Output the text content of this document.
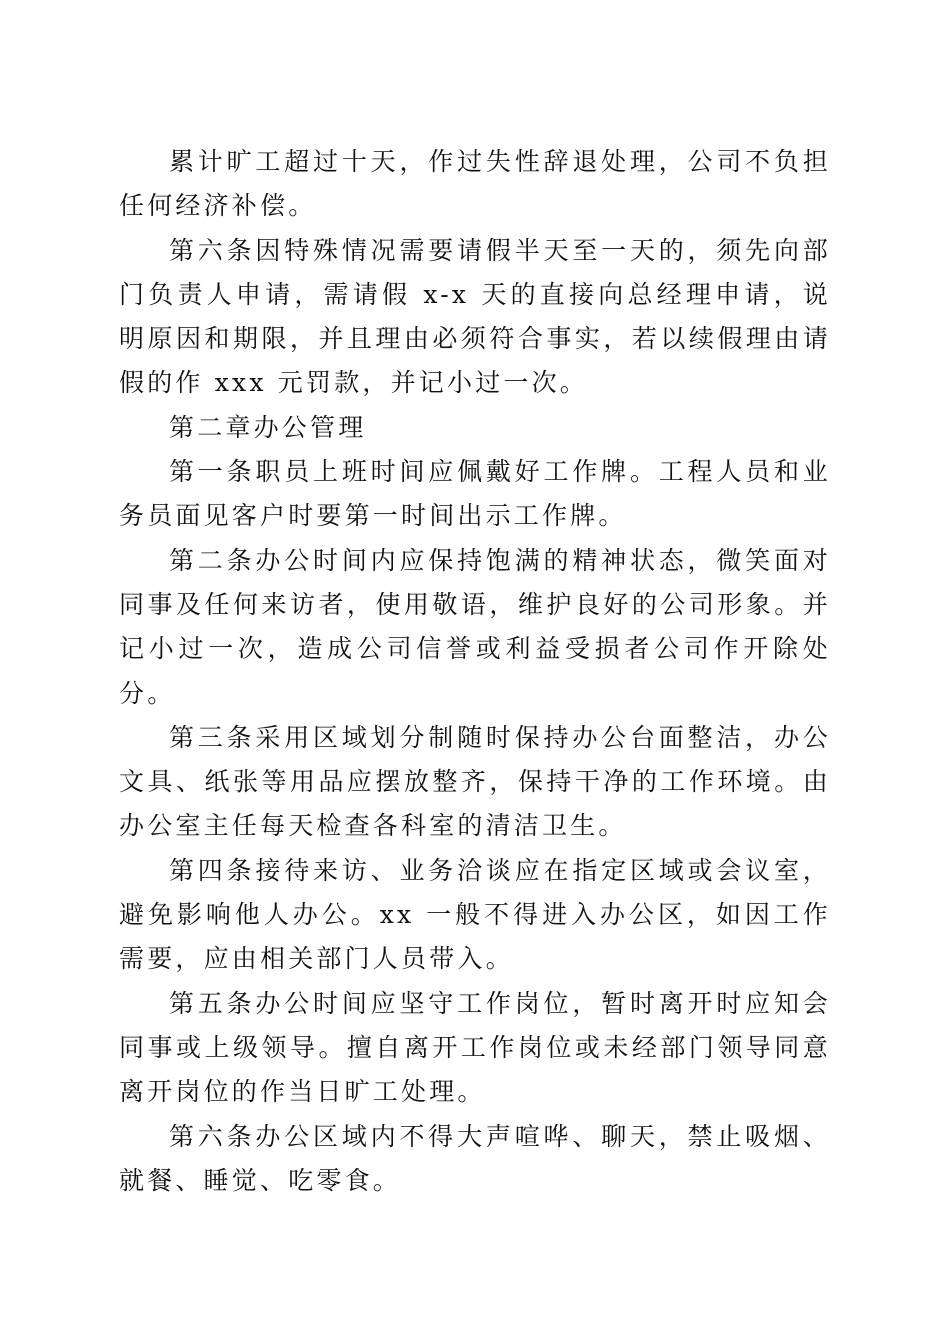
累计旷工超过十天，作过失性辞退处理，公司不负担任何经济补偿。

第六条因特殊情况需要请假半天至一天的，须先向部门负责人申请，需请假 x-x 天的直接向总经理申请，说明原因和期限，并且理由必须符合事实，若以续假理由请假的作 xxx 元罚款，并记小过一次。

第二章办公管理

第一条职员上班时间应佩戴好工作牌。工程人员和业务员面见客户时要第一时间出示工作牌。

第二条办公时间内应保持饱满的精神状态，微笑面对同事及任何来访者，使用敬语，维护良好的公司形象。并记小过一次，造成公司信誉或利益受损者公司作开除处分。

第三条采用区域划分制随时保持办公台面整洁，办公文具、纸张等用品应摆放整齐，保持干净的工作环境。由办公室主任每天检查各科室的清洁卫生。

第四条接待来访、业务洽谈应在指定区域或会议室，避免影响他人办公。xx 一般不得进入办公区，如因工作需要，应由相关部门人员带入。

第五条办公时间应坚守工作岗位，暂时离开时应知会同事或上级领导。擅自离开工作岗位或未经部门领导同意离开岗位的作当日旷工处理。

第六条办公区域内不得大声喧哗、聊天，禁止吸烟、就餐、睡觉、吃零食。
